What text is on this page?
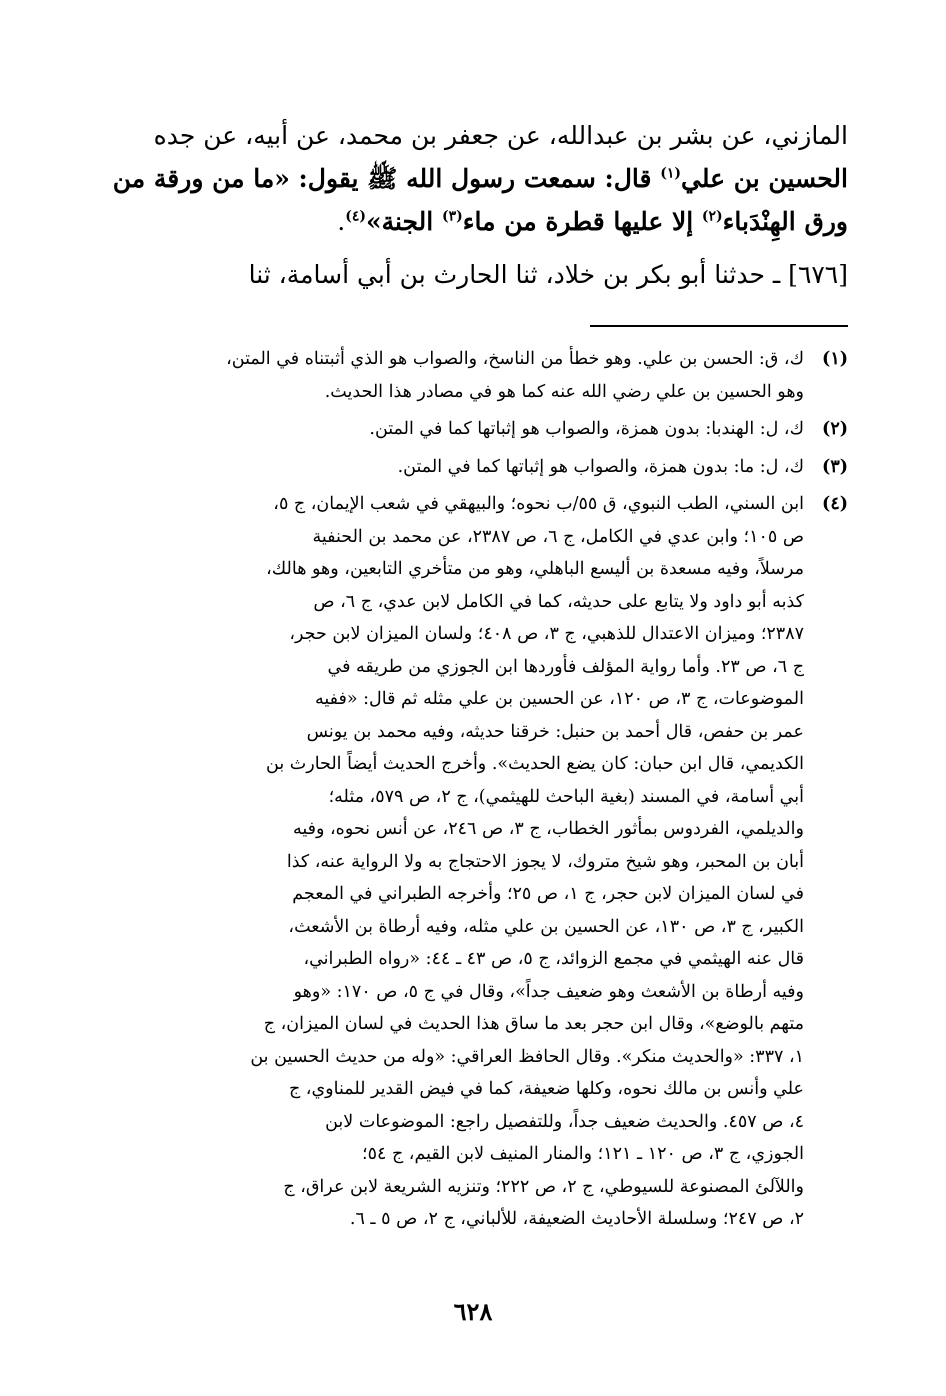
المازني، عن بشر بن عبدالله، عن جعفر بن محمد، عن أبيه، عن جده
الحسين بن علي$^{(١)}$ قال: سمعت رسول الله ﷺ يقول: «ما من ورقة من
ورق الهِنْدَباء$^{(٢)}$ إلا عليها قطرة من ماء$^{(٣)}$ الجنة»$^{(٤)}$.

[٦٧٦] ـ حدثنا أبو بكر بن خلاد، ثنا الحارث بن أبي أسامة، ثنا

(١)
ك، ق: الحسن بن علي. وهو خطأ من الناسخ، والصواب هو الذي أثبتناه في المتن،
وهو الحسين بن علي رضي الله عنه كما هو في مصادر هذا الحديث.
(٢)
ك، ل: الهندبا: بدون همزة، والصواب هو إثباتها كما في المتن.
(٣)
ك، ل: ما: بدون همزة، والصواب هو إثباتها كما في المتن.
(٤)
ابن السني، الطب النبوي، ق ٥٥/ب نحوه؛ والبيهقي في شعب الإيمان، ج ٥،
ص ١٠٥؛ وابن عدي في الكامل، ج ٦، ص ٢٣٨٧، عن محمد بن الحنفية
مرسلاً، وفيه مسعدة بن أليسع الباهلي، وهو من متأخري التابعين، وهو هالك،
كذبه أبو داود ولا يتابع على حديثه، كما في الكامل لابن عدي، ج ٦، ص
٢٣٨٧؛ وميزان الاعتدال للذهبي، ج ٣، ص ٤٠٨؛ ولسان الميزان لابن حجر،
ج ٦، ص ٢٣. وأما رواية المؤلف فأوردها ابن الجوزي من طريقه في
الموضوعات، ج ٣، ص ١٢٠، عن الحسين بن علي مثله ثم قال: «ففيه
عمر بن حفص، قال أحمد بن حنبل: خرقنا حديثه، وفيه محمد بن يونس
الكديمي، قال ابن حبان: كان يضع الحديث». وأخرج الحديث أيضاً الحارث بن
أبي أسامة، في المسند (بغية الباحث للهيثمي)، ج ٢، ص ٥٧٩، مثله؛
والديلمي، الفردوس بمأثور الخطاب، ج ٣، ص ٢٤٦، عن أنس نحوه، وفيه
أبان بن المحبر، وهو شيخ متروك، لا يجوز الاحتجاج به ولا الرواية عنه، كذا
في لسان الميزان لابن حجر، ج ١، ص ٢٥؛ وأخرجه الطبراني في المعجم
الكبير، ج ٣، ص ١٣٠، عن الحسين بن علي مثله، وفيه أرطاة بن الأشعث،
قال عنه الهيثمي في مجمع الزوائد، ج ٥، ص ٤٣ ـ ٤٤: «رواه الطبراني،
وفيه أرطاة بن الأشعث وهو ضعيف جداً»، وقال في ج ٥، ص ١٧٠: «وهو
متهم بالوضع»، وقال ابن حجر بعد ما ساق هذا الحديث في لسان الميزان، ج
١، ٣٣٧: «والحديث منكر». وقال الحافظ العراقي: «وله من حديث الحسين بن
علي وأنس بن مالك نحوه، وكلها ضعيفة، كما في فيض القدير للمناوي، ج
٤، ص ٤٥٧. والحديث ضعيف جداً، وللتفصيل راجع: الموضوعات لابن
الجوزي، ج ٣، ص ١٢٠ ـ ١٢١؛ والمنار المنيف لابن القيم، ج ٥٤؛
واللآلئ المصنوعة للسيوطي، ج ٢، ص ٢٢٢؛ وتنزيه الشريعة لابن عراق، ج
٢، ص ٢٤٧؛ وسلسلة الأحاديث الضعيفة، للألباني، ج ٢، ص ٥ ـ ٦.
٦٢٨
